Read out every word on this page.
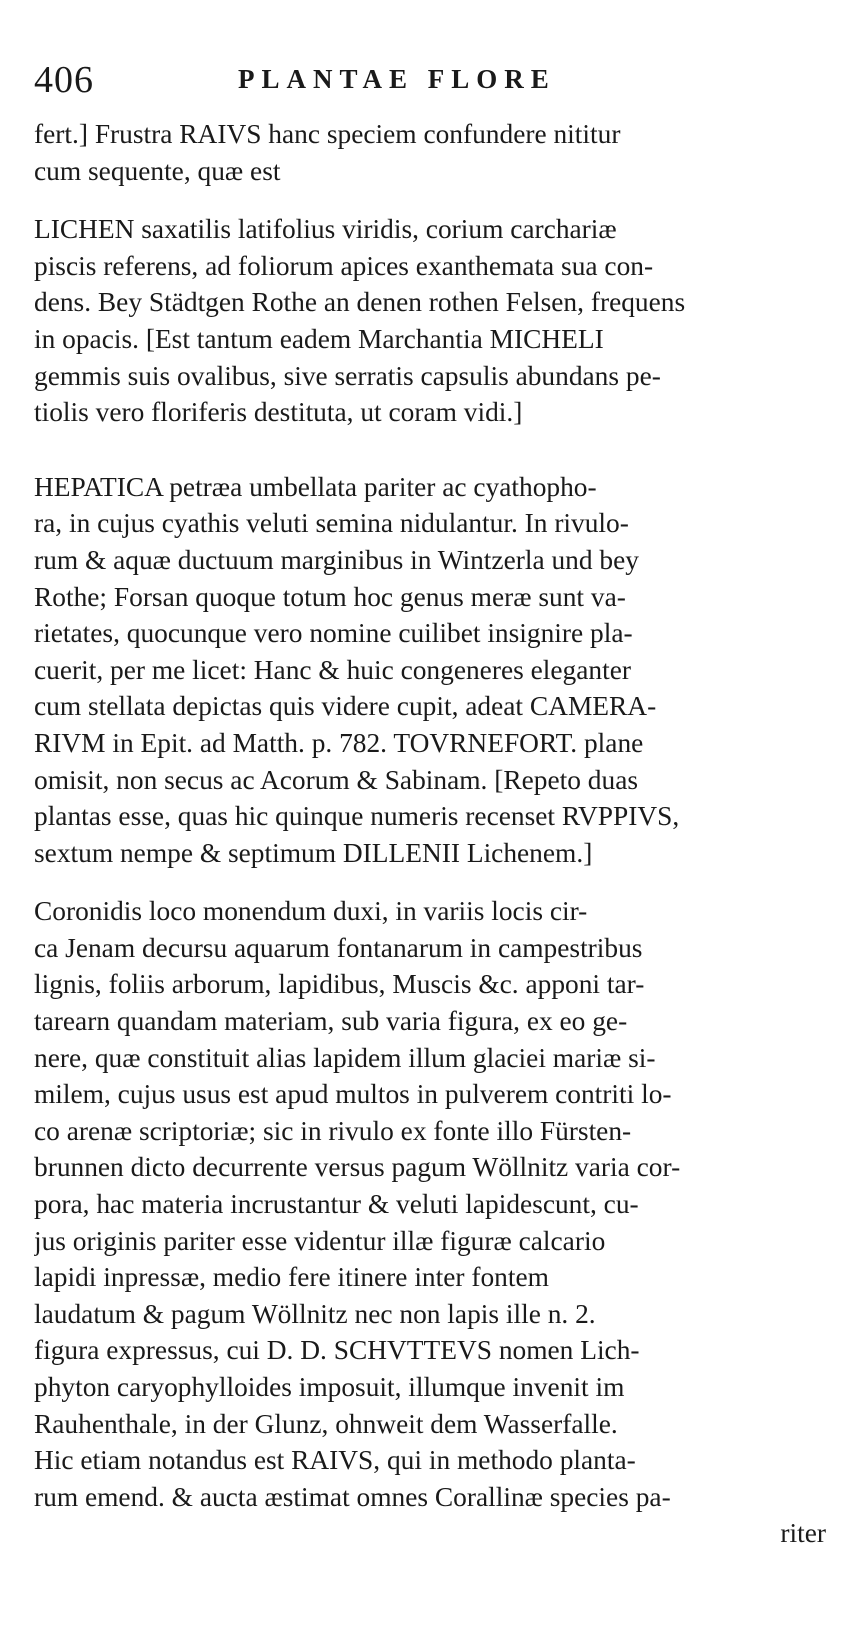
406	PLANTAE FLORE
fert.] Frustra RAIVS hanc speciem confundere nititur
cum sequente, quæ est
LICHEN saxatilis latifolius viridis, corium carchariæ
piscis referens, ad foliorum apices exanthemata sua con-
dens. Bey Städtgen Rothe an denen rothen Felsen, frequens
in opacis. [Est tantum eadem Marchantia MICHELI
gemmis suis ovalibus, sive serratis capsulis abundans pe-
tiolis vero floriferis destituta, ut coram vidi.]
HEPATICA petræa umbellata pariter ac cyathopho-
ra, in cujus cyathis veluti semina nidulantur. In rivulo-
rum & aquæ ductuum marginibus in Wintzerla und bey
Rothe; Forsan quoque totum hoc genus meræ sunt va-
rietates, quocunque vero nomine cuilibet insignire pla-
cuerit, per me licet: Hanc & huic congeneres eleganter
cum stellata depictas quis videre cupit, adeat CAMERA-
RIVM in Epit. ad Matth. p. 782. TOVRNEFORT. plane
omisit, non secus ac Acorum & Sabinam. [Repeto duas
plantas esse, quas hic quinque numeris recenset RVPPIVS,
sextum nempe & septimum DILLENII Lichenem.]
Coronidis loco monendum duxi, in variis locis cir-
ca Jenam decursu aquarum fontanarum in campestribus
lignis, foliis arborum, lapidibus, Muscis &c. apponi tar-
tarearn quandam materiam, sub varia figura, ex eo ge-
nere, quæ constituit alias lapidem illum glaciei mariæ si-
milem, cujus usus est apud multos in pulverem contriti lo-
co arenæ scriptoriæ; sic in rivulo ex fonte illo Fürsten-
brunnen dicto decurrente versus pagum Wöllnitz varia cor-
pora, hac materia incrustantur & veluti lapidescunt, cu-
jus originis pariter esse videntur illæ figuræ calcario
lapidi inpressæ, medio fere itinere inter fontem
laudatum & pagum Wöllnitz nec non lapis ille n. 2.
figura expressus, cui D. D. SCHVTTEVS nomen Lich-
phyton caryophylloides imposuit, illumque invenit im
Rauhenthale, in der Glunz, ohnweit dem Wasserfalle.
Hic etiam notandus est RAIVS, qui in methodo planta-
rum emend. & aucta æstimat omnes Corallinæ species pa-
riter
